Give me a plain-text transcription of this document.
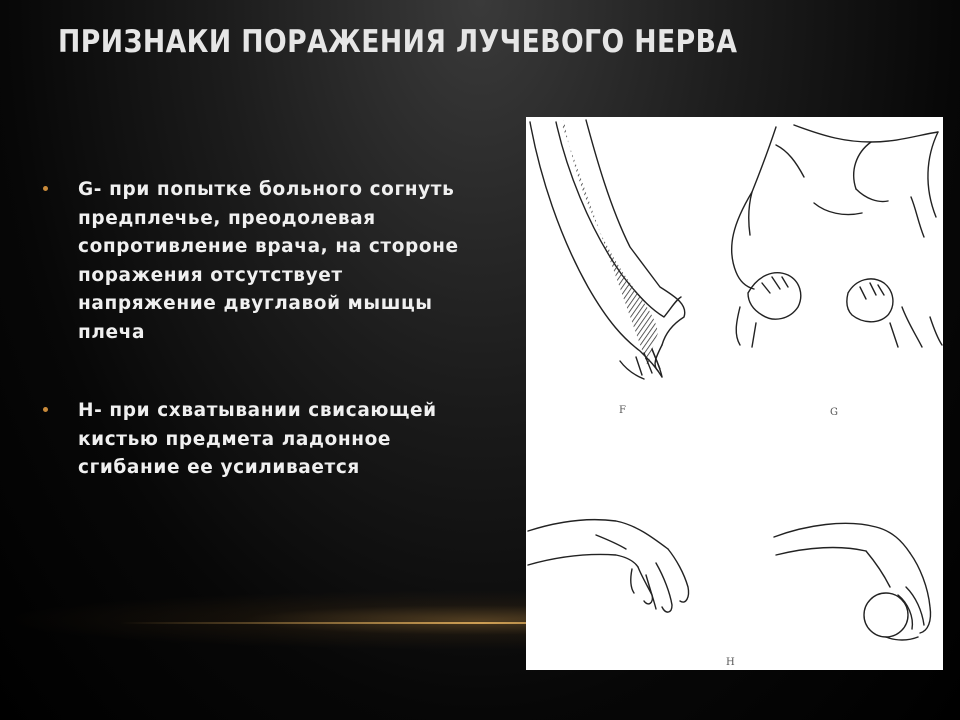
ПРИЗНАКИ ПОРАЖЕНИЯ ЛУЧЕВОГО НЕРВА
G- при попытке больного согнуть предплечье, преодолевая сопротивление врача, на стороне поражения отсутствует напряжение двуглавой мышцы плеча
Н- при схватывании свисающей кистью предмета ладонное сгибание ее усиливается
F	G
H
